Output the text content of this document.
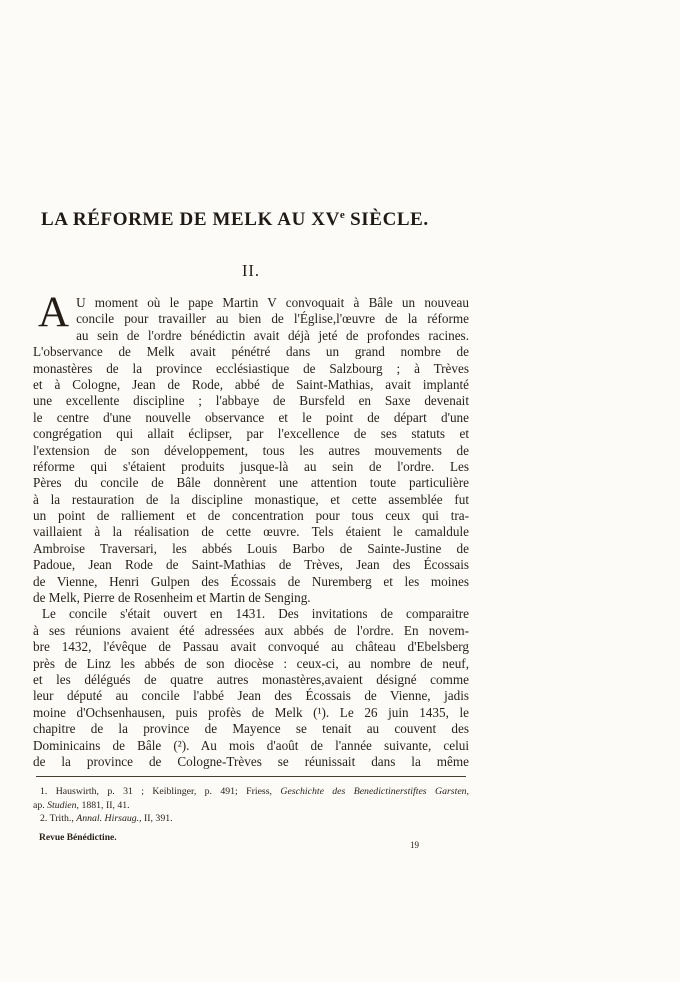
LA RÉFORME DE MELK AU XVe SIÈCLE.
II.
A U moment où le pape Martin V convoquait à Bâle un nouveau
concile pour travailler au bien de l'Église,l'œuvre de la réforme
au sein de l'ordre bénédictin avait déjà jeté de profondes racines.
L'observance de Melk avait pénétré dans un grand nombre de
monastères de la province ecclésiastique de Salzbourg ; à Trèves
et à Cologne, Jean de Rode, abbé de Saint-Mathias, avait implanté
une excellente discipline ; l'abbaye de Bursfeld en Saxe devenait
le centre d'une nouvelle observance et le point de départ d'une
congrégation qui allait éclipser, par l'excellence de ses statuts et
l'extension de son développement, tous les autres mouvements de
réforme qui s'étaient produits jusque-là au sein de l'ordre. Les
Pères du concile de Bâle donnèrent une attention toute particulière
à la restauration de la discipline monastique, et cette assemblée fut
un point de ralliement et de concentration pour tous ceux qui tra-
vaillaient à la réalisation de cette œuvre. Tels étaient le camaldule
Ambroise Traversari, les abbés Louis Barbo de Sainte-Justine de
Padoue, Jean Rode de Saint-Mathias de Trèves, Jean des Écossais
de Vienne, Henri Gulpen des Écossais de Nuremberg et les moines
de Melk, Pierre de Rosenheim et Martin de Senging.
Le concile s'était ouvert en 1431. Des invitations de comparaitre
à ses réunions avaient été adressées aux abbés de l'ordre. En novem-
bre 1432, l'évêque de Passau avait convoqué au château d'Ebelsberg
près de Linz les abbés de son diocèse : ceux-ci, au nombre de neuf,
et les délégués de quatre autres monastères,avaient désigné comme
leur député au concile l'abbé Jean des Écossais de Vienne, jadis
moine d'Ochsenhausen, puis profès de Melk (¹). Le 26 juin 1435, le
chapitre de la province de Mayence se tenait au couvent des
Dominicains de Bâle (²). Au mois d'août de l'année suivante, celui
de la province de Cologne-Trèves se réunissait dans la même
1. Hauswirth, p. 31 ; Keiblinger, p. 491; Friess, Geschichte des Benedictinerstiftes Garsten,
ap. Studien, 1881, II, 41.
2. Trith., Annal. Hirsaug., II, 391.
Revue Bénédictine.
19
